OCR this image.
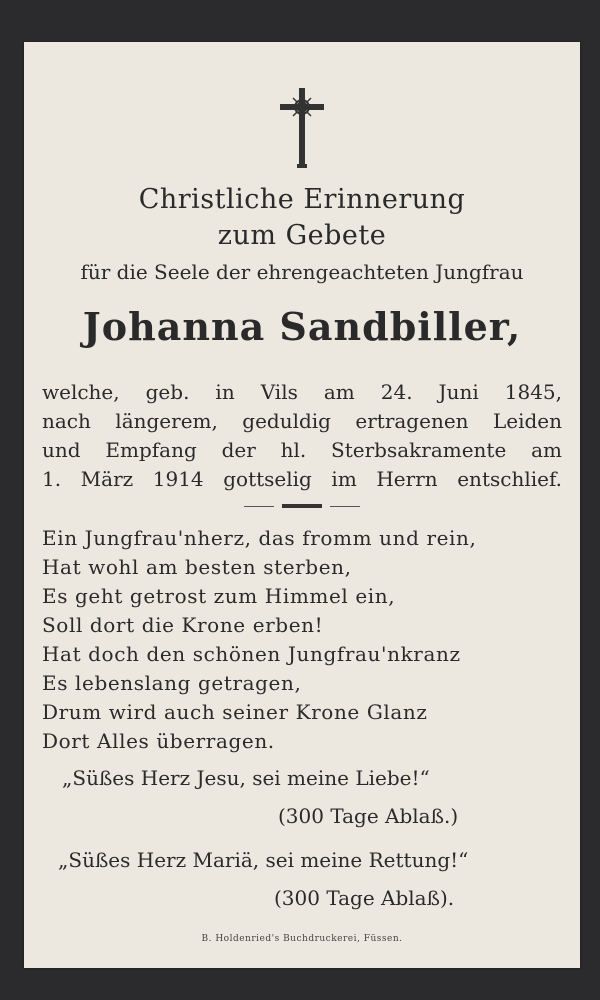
Christliche Erinnerung
zum Gebete
für die Seele der ehrengeachteten Jungfrau
Johanna Sandbiller,
welche, geb. in Vils am 24. Juni 1845,
nach längerem, geduldig ertragenen Leiden
und Empfang der hl. Sterbsakramente am
1. März 1914 gottselig im Herrn entschlief.
Ein Jungfrau'nherz, das fromm und rein,
Hat wohl am besten sterben,
Es geht getrost zum Himmel ein,
Soll dort die Krone erben!
Hat doch den schönen Jungfrau'nkranz
Es lebenslang getragen,
Drum wird auch seiner Krone Glanz
Dort Alles überragen.
„Süßes Herz Jesu, sei meine Liebe!“
(300 Tage Ablaß.)
„Süßes Herz Mariä, sei meine Rettung!“
(300 Tage Ablaß).
B. Holdenried's Buchdruckerei, Füssen.
